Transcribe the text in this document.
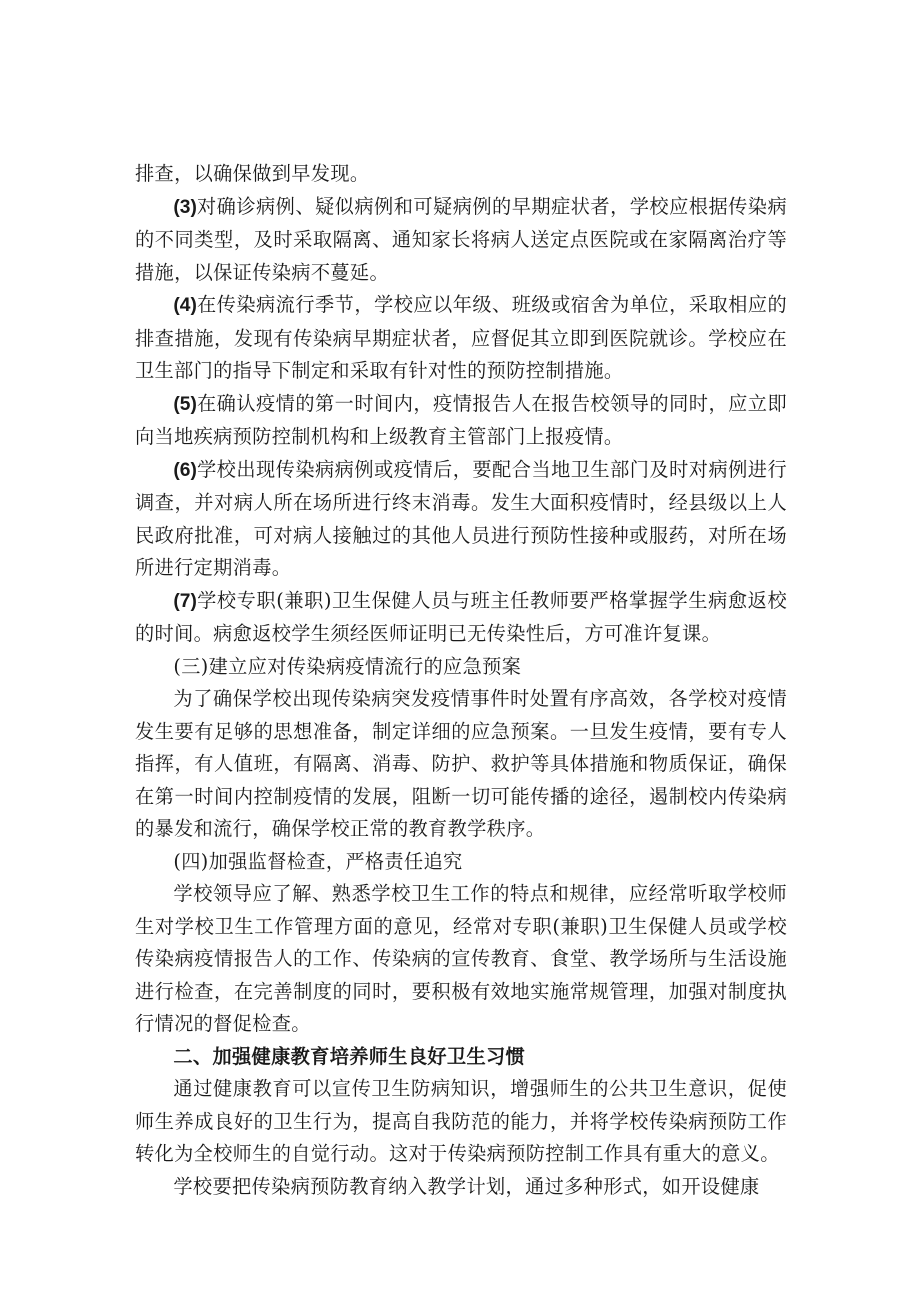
排查，以确保做到早发现。

(3)对确诊病例、疑似病例和可疑病例的早期症状者，学校应根据传染病的不同类型，及时采取隔离、通知家长将病人送定点医院或在家隔离治疗等措施，以保证传染病不蔓延。

(4)在传染病流行季节，学校应以年级、班级或宿舍为单位，采取相应的排查措施，发现有传染病早期症状者，应督促其立即到医院就诊。学校应在卫生部门的指导下制定和采取有针对性的预防控制措施。

(5)在确认疫情的第一时间内，疫情报告人在报告校领导的同时，应立即向当地疾病预防控制机构和上级教育主管部门上报疫情。

(6)学校出现传染病病例或疫情后，要配合当地卫生部门及时对病例进行调查，并对病人所在场所进行终末消毒。发生大面积疫情时，经县级以上人民政府批准，可对病人接触过的其他人员进行预防性接种或服药，对所在场所进行定期消毒。

(7)学校专职(兼职)卫生保健人员与班主任教师要严格掌握学生病愈返校的时间。病愈返校学生须经医师证明已无传染性后，方可准许复课。

(三)建立应对传染病疫情流行的应急预案

为了确保学校出现传染病突发疫情事件时处置有序高效，各学校对疫情发生要有足够的思想准备，制定详细的应急预案。一旦发生疫情，要有专人指挥，有人值班，有隔离、消毒、防护、救护等具体措施和物质保证，确保在第一时间内控制疫情的发展，阻断一切可能传播的途径，遏制校内传染病的暴发和流行，确保学校正常的教育教学秩序。

(四)加强监督检查，严格责任追究

学校领导应了解、熟悉学校卫生工作的特点和规律，应经常听取学校师生对学校卫生工作管理方面的意见，经常对专职(兼职)卫生保健人员或学校传染病疫情报告人的工作、传染病的宣传教育、食堂、教学场所与生活设施进行检查，在完善制度的同时，要积极有效地实施常规管理，加强对制度执行情况的督促检查。

二、加强健康教育培养师生良好卫生习惯

通过健康教育可以宣传卫生防病知识，增强师生的公共卫生意识，促使师生养成良好的卫生行为，提高自我防范的能力，并将学校传染病预防工作转化为全校师生的自觉行动。这对于传染病预防控制工作具有重大的意义。

学校要把传染病预防教育纳入教学计划，通过多种形式，如开设健康
